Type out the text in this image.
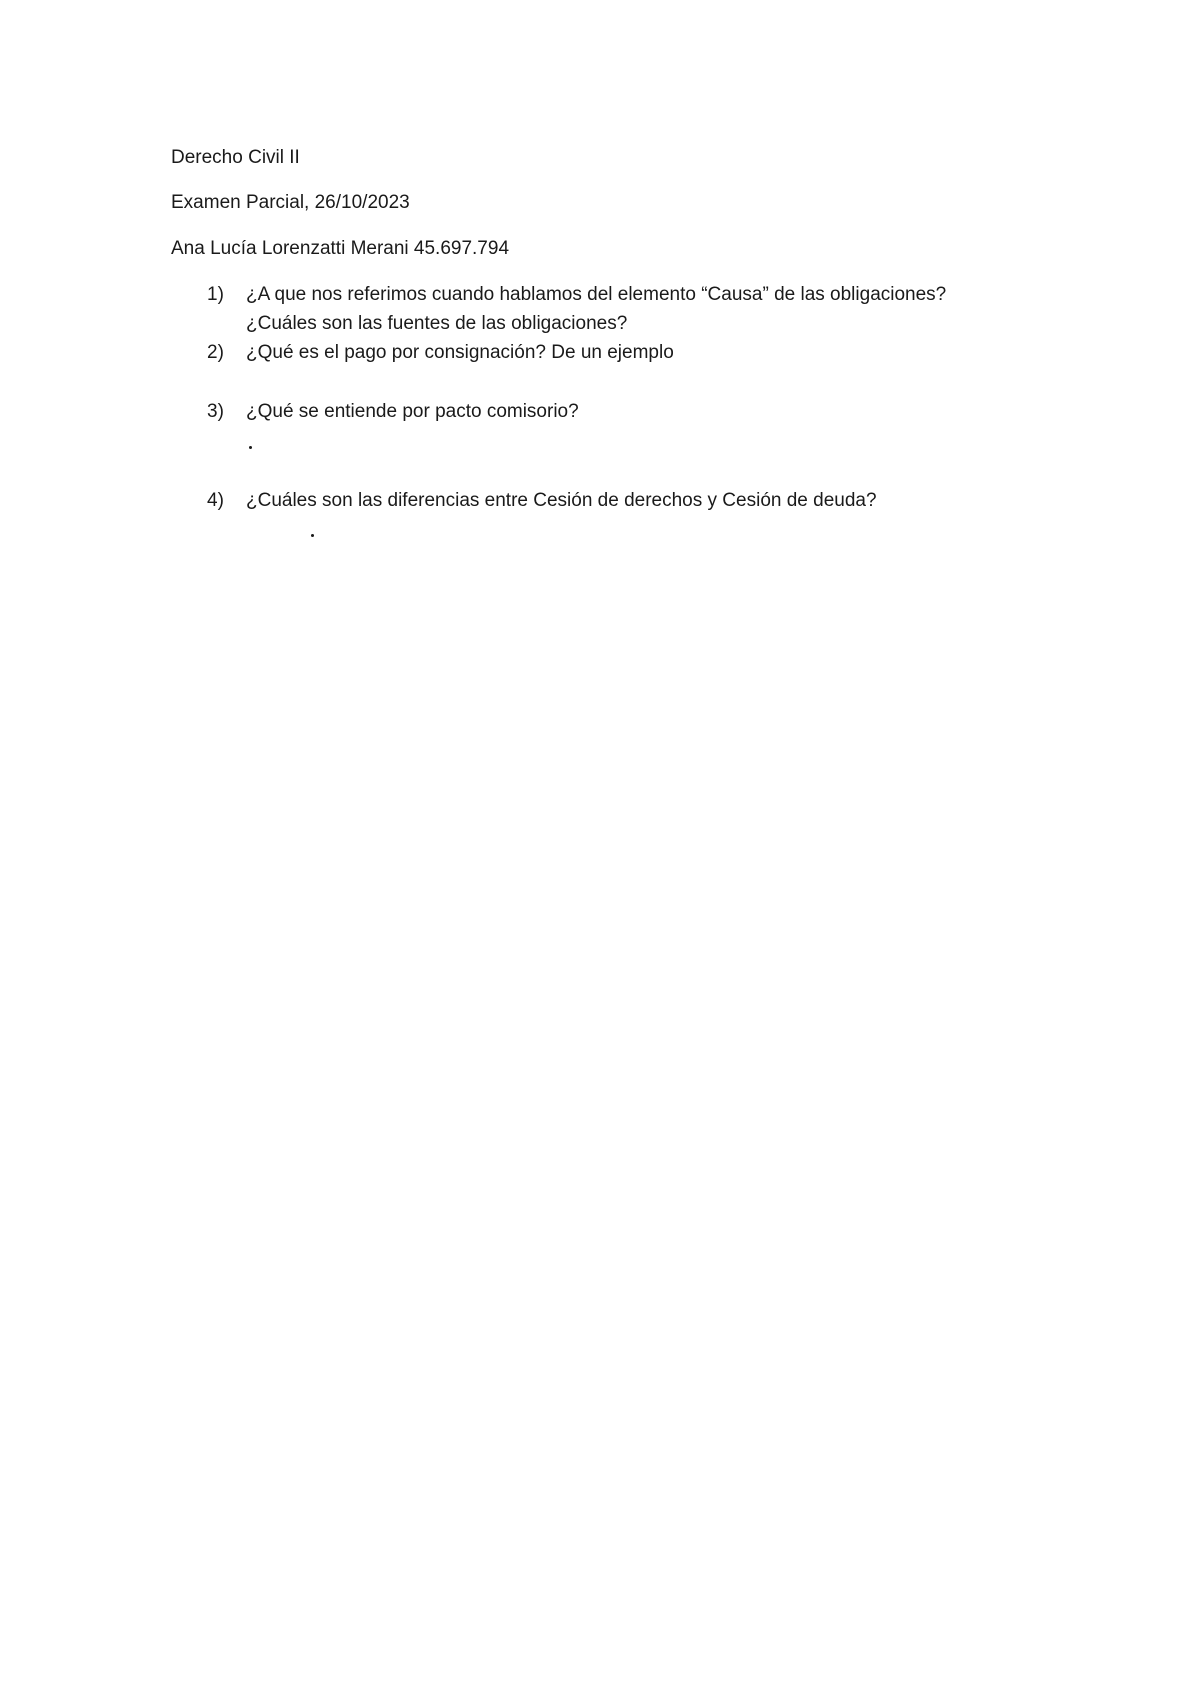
Derecho Civil II
Examen Parcial, 26/10/2023
Ana Lucía Lorenzatti Merani 45.697.794
1) ¿A que nos referimos cuando hablamos del elemento “Causa” de las obligaciones?
¿Cuáles son las fuentes de las obligaciones?
2) ¿Qué es el pago por consignación? De un ejemplo
3) ¿Qué se entiende por pacto comisorio?
4) ¿Cuáles son las diferencias entre Cesión de derechos y Cesión de deuda?
